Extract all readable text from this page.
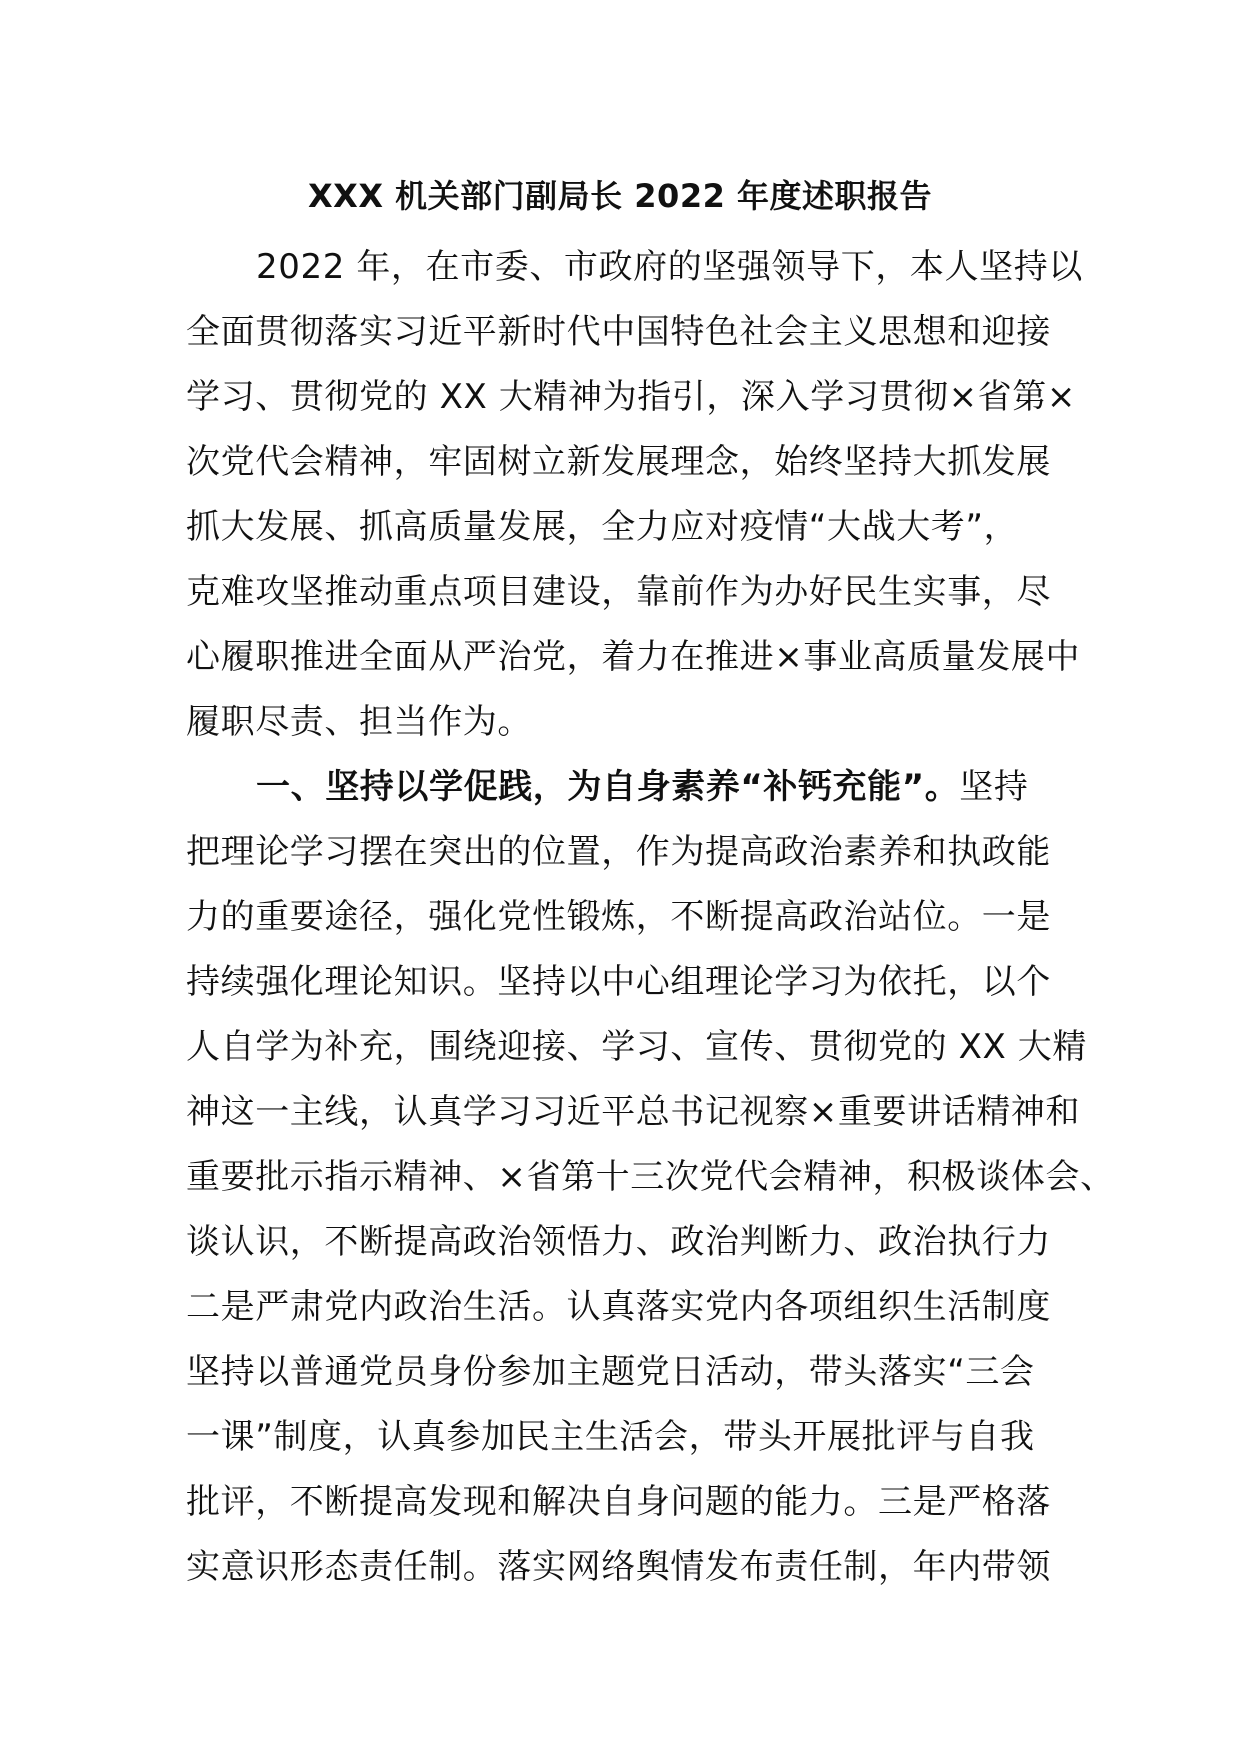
XXX 机关部门副局长 2022 年度述职报告
2022 年，在市委、市政府的坚强领导下，本人坚持以
全面贯彻落实习近平新时代中国特色社会主义思想和迎接
学习、贯彻党的 XX 大精神为指引，深入学习贯彻×省第×
次党代会精神，牢固树立新发展理念，始终坚持大抓发展
抓大发展、抓高质量发展，全力应对疫情“大战大考”，
克难攻坚推动重点项目建设，靠前作为办好民生实事，尽
心履职推进全面从严治党，着力在推进×事业高质量发展中
履职尽责、担当作为。
一、坚持以学促践，为自身素养“补钙充能”。坚持
把理论学习摆在突出的位置，作为提高政治素养和执政能
力的重要途径，强化党性锻炼，不断提高政治站位。一是
持续强化理论知识。坚持以中心组理论学习为依托，以个
人自学为补充，围绕迎接、学习、宣传、贯彻党的 XX 大精
神这一主线，认真学习习近平总书记视察×重要讲话精神和
重要批示指示精神、×省第十三次党代会精神，积极谈体会、
谈认识，不断提高政治领悟力、政治判断力、政治执行力
二是严肃党内政治生活。认真落实党内各项组织生活制度
坚持以普通党员身份参加主题党日活动，带头落实“三会
一课”制度，认真参加民主生活会，带头开展批评与自我
批评，不断提高发现和解决自身问题的能力。三是严格落
实意识形态责任制。落实网络舆情发布责任制，年内带领
